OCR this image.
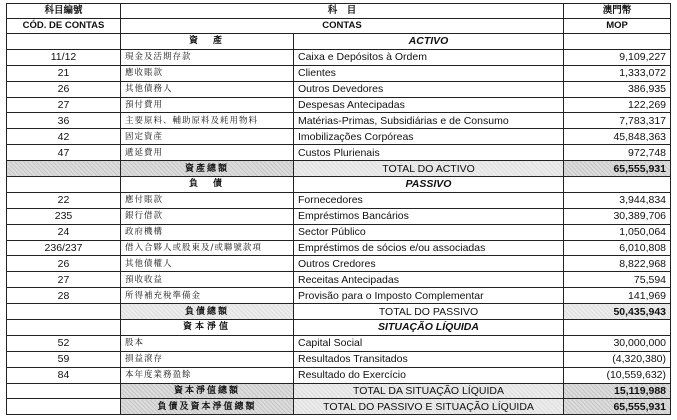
科目編號	科　目		澳門幣
CÓD. DE CONTAS	CONTAS		MOP
	資　產	ACTIVO	
11/12	現金及活期存款	Caixa e Depósitos à Ordem	9,109,227
21	應收賬款	Clientes	1,333,072
26	其他債務人	Outros Devedores	386,935
27	預付費用	Despesas Antecipadas	122,269
36	主要原料、輔助原料及耗用物料	Matérias-Primas, Subsidiárias e de Consumo	7,783,317
42	固定資產	Imobilizações Corpóreas	45,848,363
47	遞延費用	Custos Plurienais	972,748
	資產總額	TOTAL DO ACTIVO	65,555,931
	負　債	PASSIVO	
22	應付賬款	Fornecedores	3,944,834
235	銀行借款	Empréstimos Bancários	30,389,706
24	政府機構	Sector Público	1,050,064
236/237	借入合夥人或股東及/或聯號款項	Empréstimos de sócios e/ou associadas	6,010,808
26	其他債權人	Outros Credores	8,822,968
27	預收收益	Receitas Antecipadas	75,594
28	所得補充稅準備金	Provisão para o Imposto Complementar	141,969
	負債總額	TOTAL DO PASSIVO	50,435,943
	資本淨值	SITUAÇÃO LÍQUIDA	
52	股本	Capital Social	30,000,000
59	損益滾存	Resultados Transitados	(4,320,380)
84	本年度業務盈餘	Resultado do Exercício	(10,559,632)
	資本淨值總額	TOTAL DA SITUAÇÃO LÍQUIDA	15,119,988
	負債及資本淨值總額	TOTAL DO PASSIVO E SITUAÇÃO LÍQUIDA	65,555,931
